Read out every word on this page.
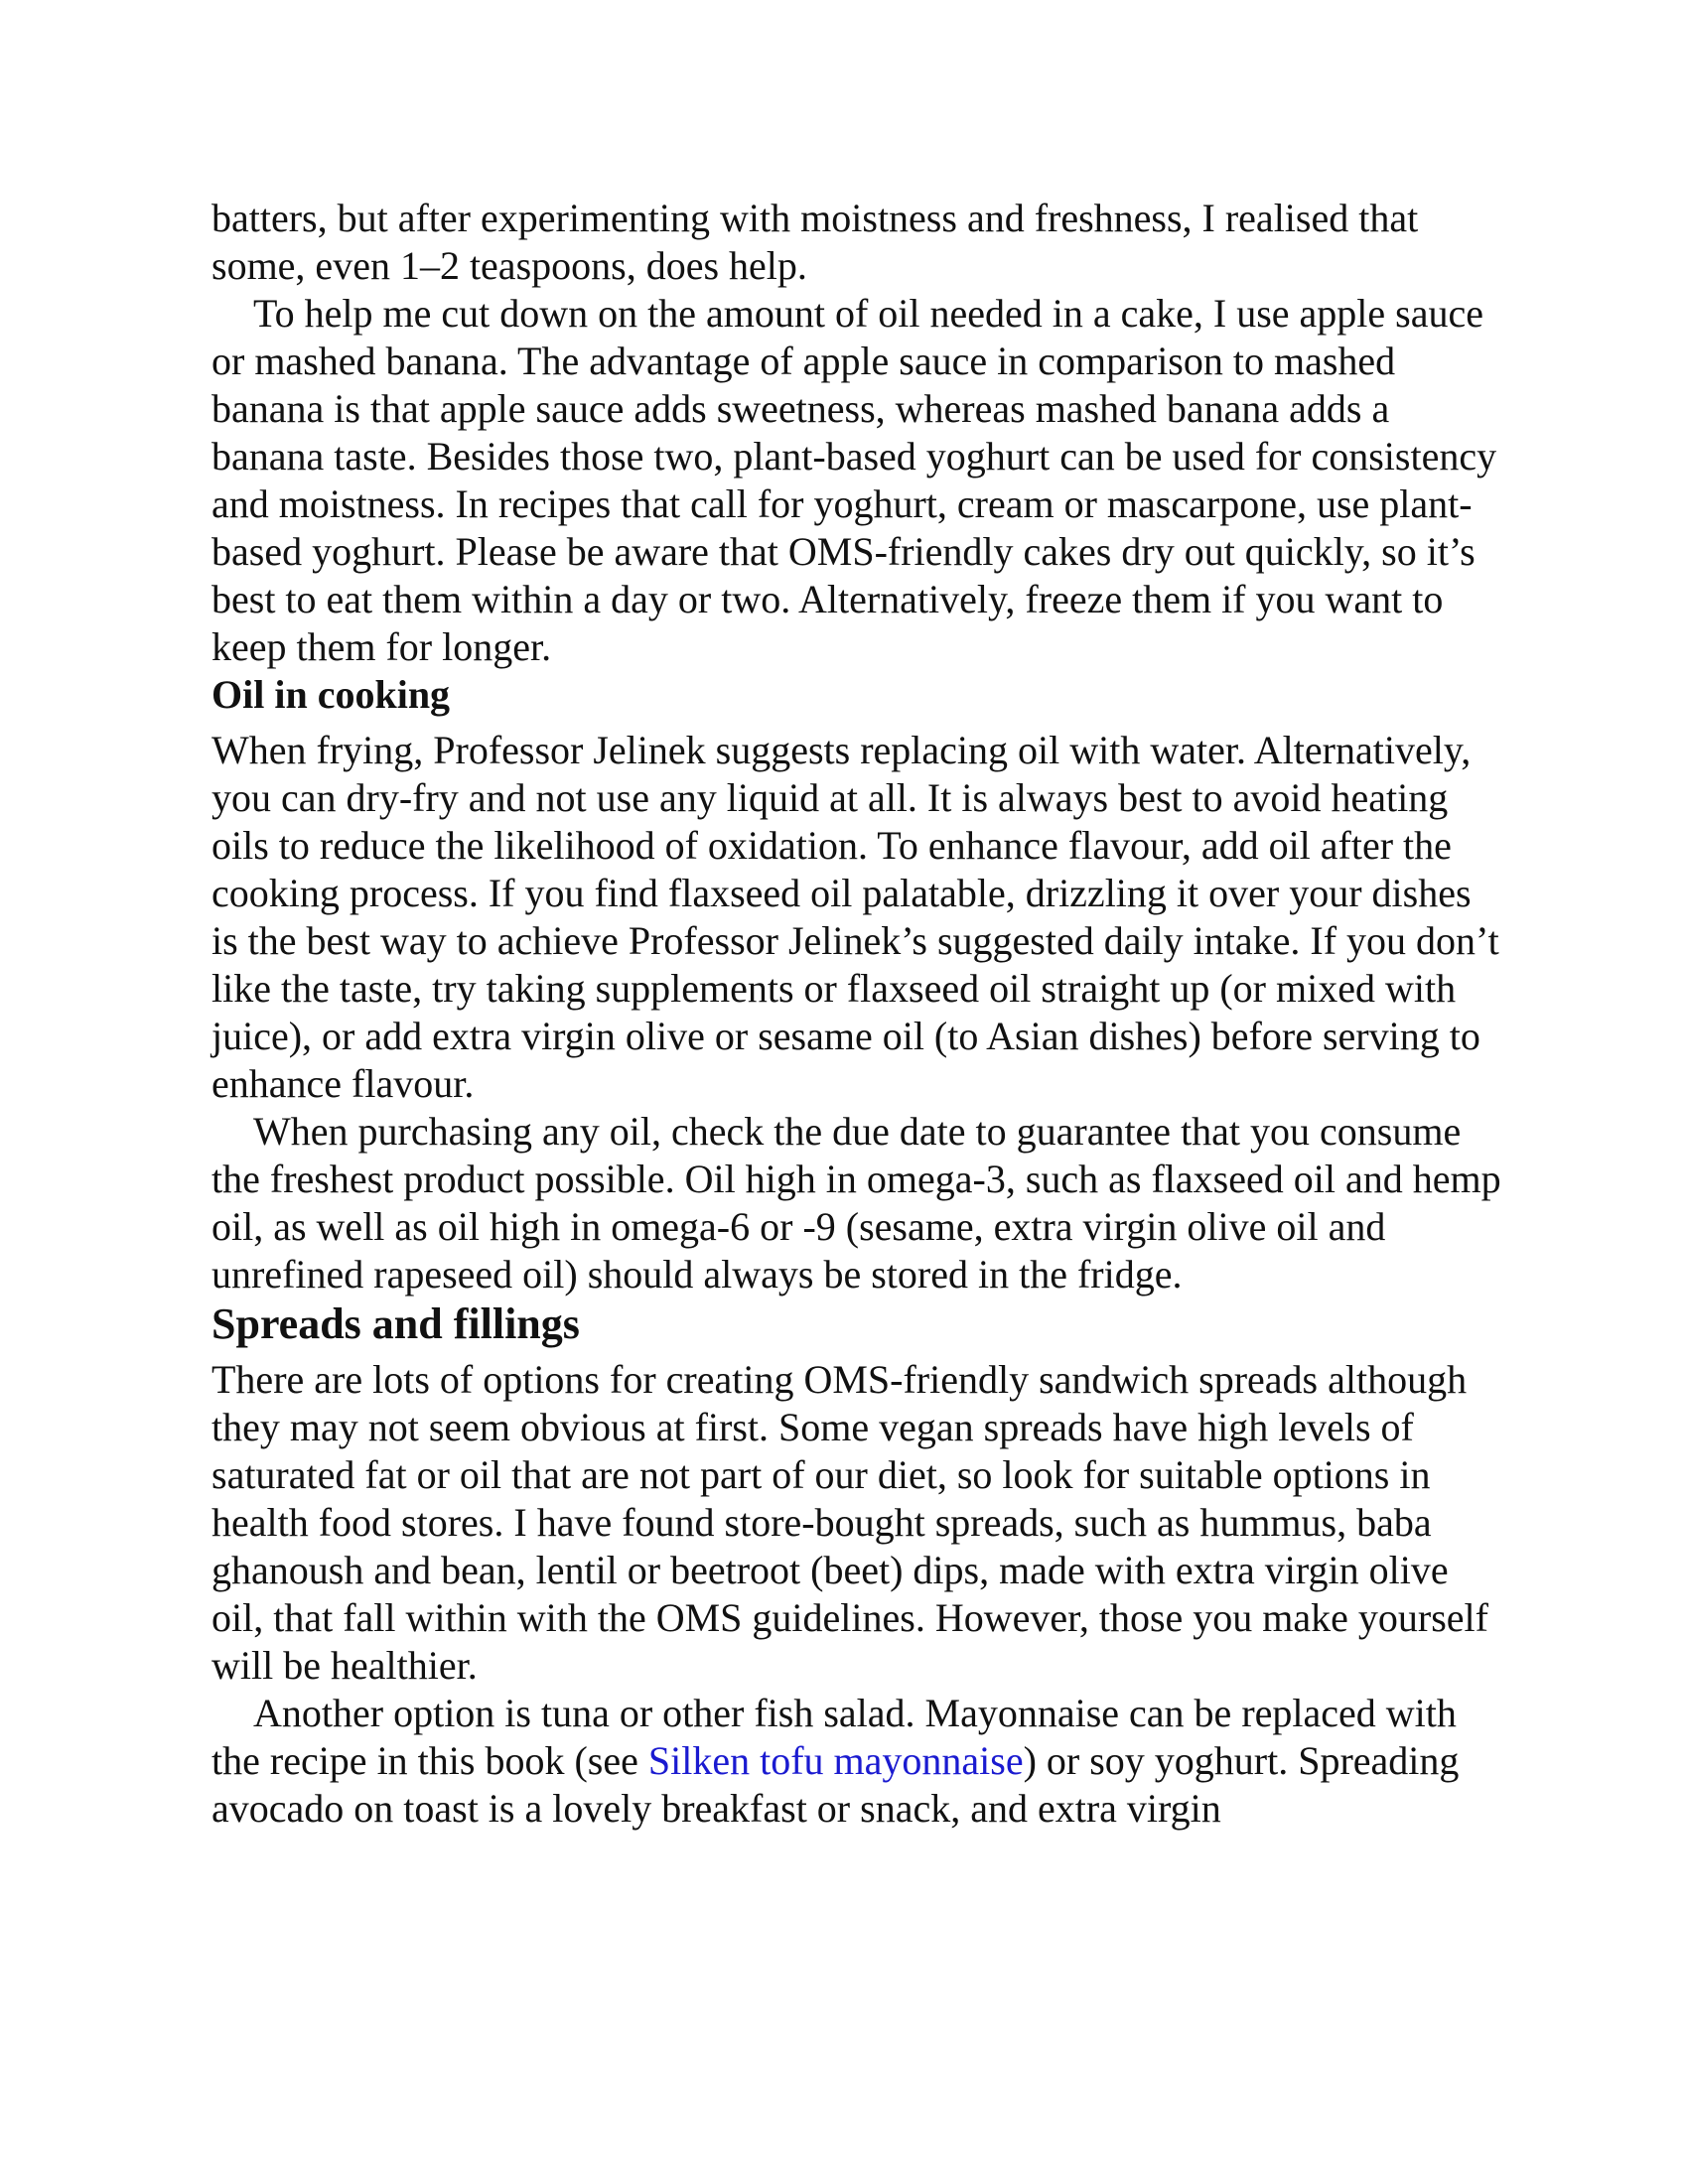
batters, but after experimenting with moistness and freshness, I realised that some, even 1–2 teaspoons, does help.

To help me cut down on the amount of oil needed in a cake, I use apple sauce or mashed banana. The advantage of apple sauce in comparison to mashed banana is that apple sauce adds sweetness, whereas mashed banana adds a banana taste. Besides those two, plant-based yoghurt can be used for consistency and moistness. In recipes that call for yoghurt, cream or mascarpone, use plant-based yoghurt. Please be aware that OMS-friendly cakes dry out quickly, so it’s best to eat them within a day or two. Alternatively, freeze them if you want to keep them for longer.

Oil in cooking

When frying, Professor Jelinek suggests replacing oil with water. Alternatively, you can dry-fry and not use any liquid at all. It is always best to avoid heating oils to reduce the likelihood of oxidation. To enhance flavour, add oil after the cooking process. If you find flaxseed oil palatable, drizzling it over your dishes is the best way to achieve Professor Jelinek’s suggested daily intake. If you don’t like the taste, try taking supplements or flaxseed oil straight up (or mixed with juice), or add extra virgin olive or sesame oil (to Asian dishes) before serving to enhance flavour.

When purchasing any oil, check the due date to guarantee that you consume the freshest product possible. Oil high in omega-3, such as flaxseed oil and hemp oil, as well as oil high in omega-6 or -9 (sesame, extra virgin olive oil and unrefined rapeseed oil) should always be stored in the fridge.

Spreads and fillings

There are lots of options for creating OMS-friendly sandwich spreads although they may not seem obvious at first. Some vegan spreads have high levels of saturated fat or oil that are not part of our diet, so look for suitable options in health food stores. I have found store-bought spreads, such as hummus, baba ghanoush and bean, lentil or beetroot (beet) dips, made with extra virgin olive oil, that fall within with the OMS guidelines. However, those you make yourself will be healthier.

Another option is tuna or other fish salad. Mayonnaise can be replaced with the recipe in this book (see Silken tofu mayonnaise) or soy yoghurt. Spreading avocado on toast is a lovely breakfast or snack, and extra virgin
